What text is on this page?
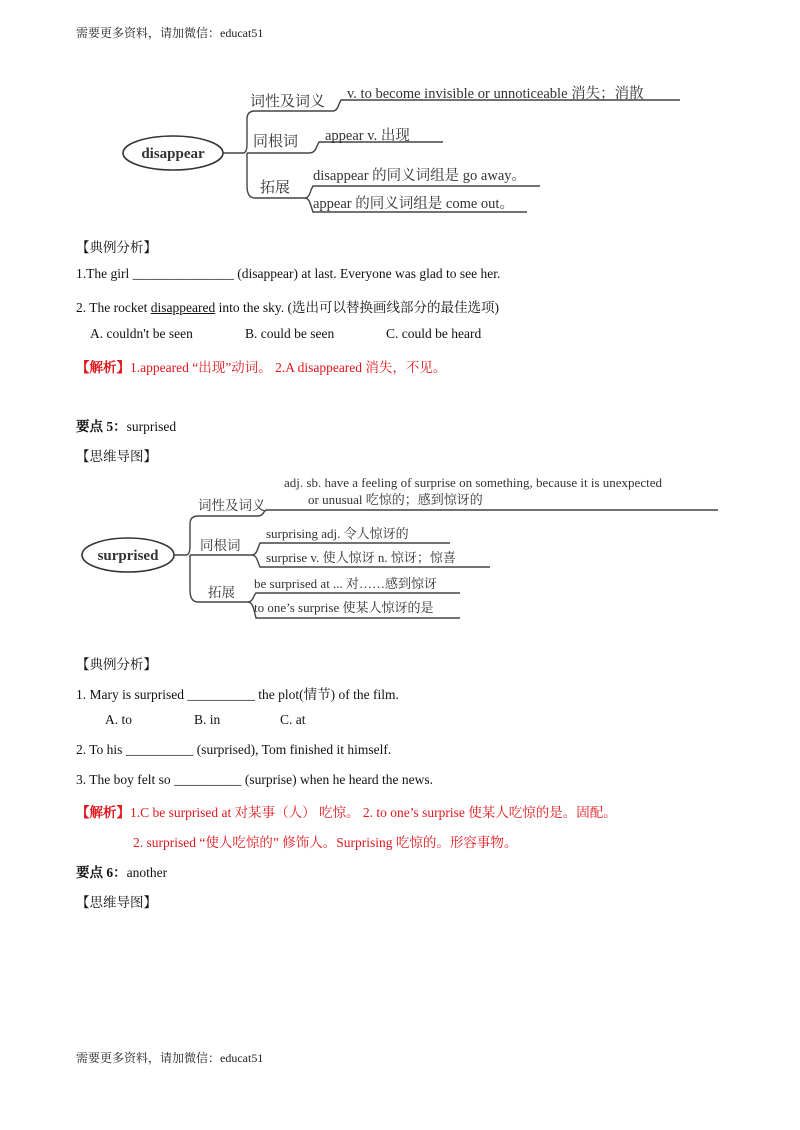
需要更多资料，请加微信：educat51
disappear
词性及词义
同根词
拓展
v. to become invisible or unnoticeable 消失；消散
appear v. 出现
disappear 的同义词组是 go away。
appear 的同义词组是 come out。
【典例分析】
1.The girl _______________ (disappear) at last. Everyone was glad to see her.
2. The rocket disappeared into the sky. (选出可以替换画线部分的最佳选项)
A. couldn't be seen	B. could be seen	C. could be heard
【解析】1.appeared “出现”动词。 2.A disappeared 消失，不见。
要点 5：surprised
【思维导图】
surprised
词性及词义
同根词
拓展
adj. sb. have a feeling of surprise on something, because it is unexpected
or unusual 吃惊的；感到惊讶的
surprising adj. 令人惊讶的
surprise v. 使人惊讶 n. 惊讶；惊喜
be surprised at ... 对……感到惊讶
to one’s surprise 使某人惊讶的是
【典例分析】
1. Mary is surprised __________ the plot(情节) of the film.
A. to	B. in	C. at
2. To his __________ (surprised), Tom finished it himself.
3. The boy felt so __________ (surprise) when he heard the news.
【解析】1.C be surprised at 对某事（人） 吃惊。 2. to one’s surprise 使某人吃惊的是。固配。
2. surprised “使人吃惊的” 修饰人。Surprising 吃惊的。形容事物。
要点 6：another
【思维导图】
需要更多资料，请加微信：educat51
